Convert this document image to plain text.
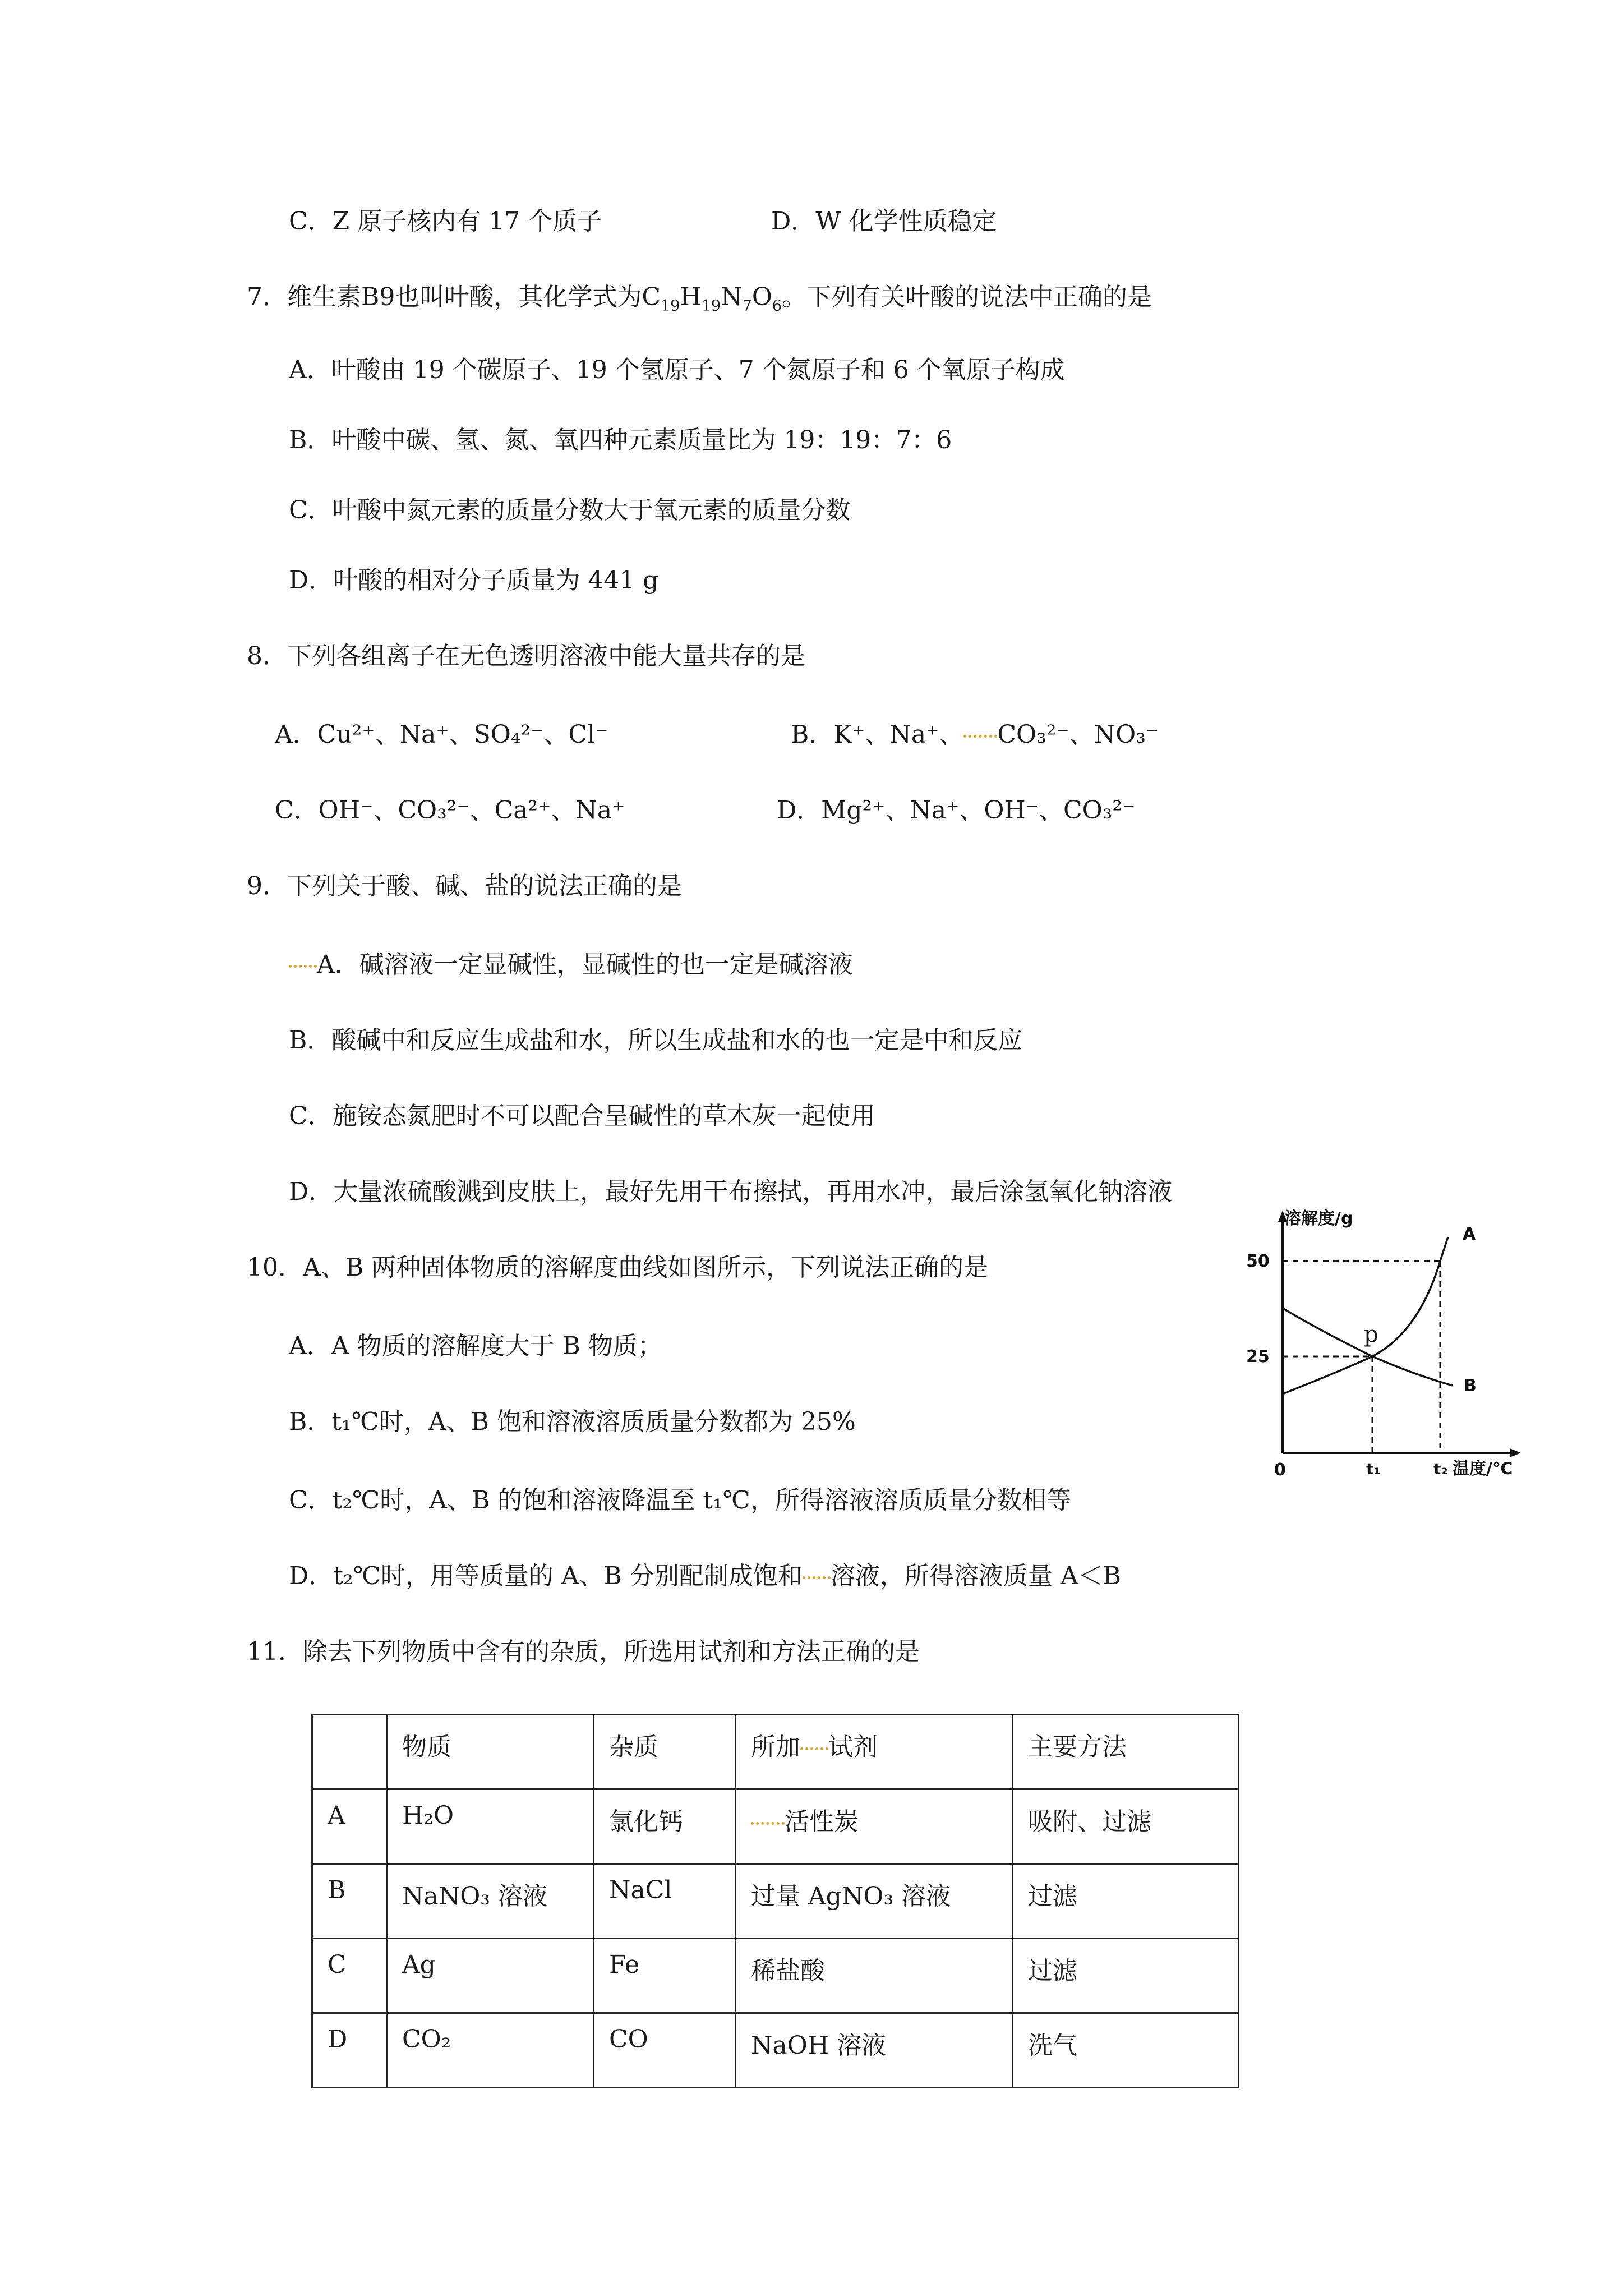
C．Z 原子核内有 17 个质子	D．W 化学性质稳定
7．维生素B9也叫叶酸，其化学式为$C_{19}H_{19}N_7O_6$。下列有关叶酸的说法中正确的是
A．叶酸由 19 个碳原子、19 个氢原子、7 个氮原子和 6 个氧原子构成
B．叶酸中碳、氢、氮、氧四种元素质量比为 19：19：7：6
C．叶酸中氮元素的质量分数大于氧元素的质量分数
D．叶酸的相对分子质量为 441 g
8．下列各组离子在无色透明溶液中能大量共存的是
A．Cu²⁺、Na⁺、SO₄²⁻、Cl⁻	B．K⁺、Na⁺、 CO₃²⁻、NO₃⁻
C．OH⁻、CO₃²⁻、Ca²⁺、Na⁺	D．Mg²⁺、Na⁺、OH⁻、CO₃²⁻
9．下列关于酸、碱、盐的说法正确的是
A．碱溶液一定显碱性，显碱性的也一定是碱溶液
B．酸碱中和反应生成盐和水，所以生成盐和水的也一定是中和反应
C．施铵态氮肥时不可以配合呈碱性的草木灰一起使用
D．大量浓硫酸溅到皮肤上，最好先用干布擦拭，再用水冲，最后涂氢氧化钠溶液
10．A、B 两种固体物质的溶解度曲线如图所示，下列说法正确的是
A．A 物质的溶解度大于 B 物质；
B．t₁℃时，A、B 饱和溶液溶质质量分数都为 25%
C．t₂℃时，A、B 的饱和溶液降温至 t₁℃，所得溶液溶质质量分数相等
D．t₂℃时，用等质量的 A、B 分别配制成饱和 溶液，所得溶液质量 A＜B
溶解度/g
温度/℃
0
50
25
t₁	t₂
A
B
p
11．除去下列物质中含有的杂质，所选用试剂和方法正确的是
	物质	杂质	所加 试剂	主要方法
A	H₂O	氯化钙	活性炭	吸附、过滤
B	NaNO₃ 溶液	NaCl	过量 AgNO₃ 溶液	过滤
C	Ag	Fe	稀盐酸	过滤
D	CO₂	CO	NaOH 溶液	洗气
